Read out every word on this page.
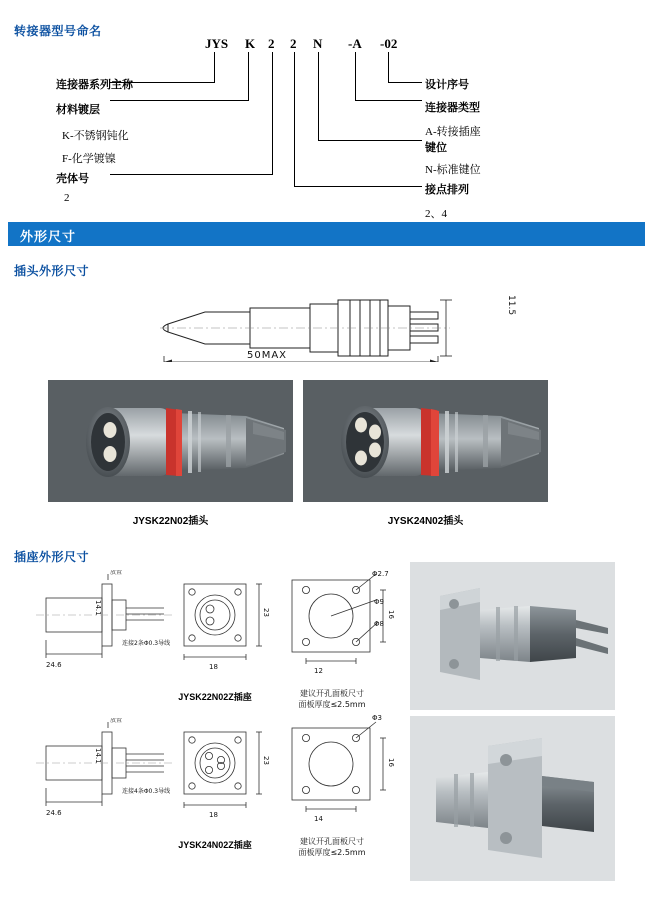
转接器型号命名
JYS K 2 2 N -A -02
连接器系列主称
材料镀层
K-不锈钢钝化
F-化学镀镍
壳体号
2
设计序号
连接器类型
A-转接插座
键位
N-标准键位
接点排列
2、4
外形尺寸
插头外形尺寸
11.5
50MAX
JYSK22N02插头	JYSK24N02插头
插座外形尺寸
放置
24.6	18
23
12
16
Φ2.7
Φ9
Φ8
14.1
连接2条Φ0.3导线
JYSK22N02Z插座	建议开孔面板尺寸
面板厚度≤2.5mm
放置
24.6	18
23
14
16
Φ3
14.1
连接4条Φ0.3导线
JYSK24N02Z插座	建议开孔面板尺寸
面板厚度≤2.5mm
